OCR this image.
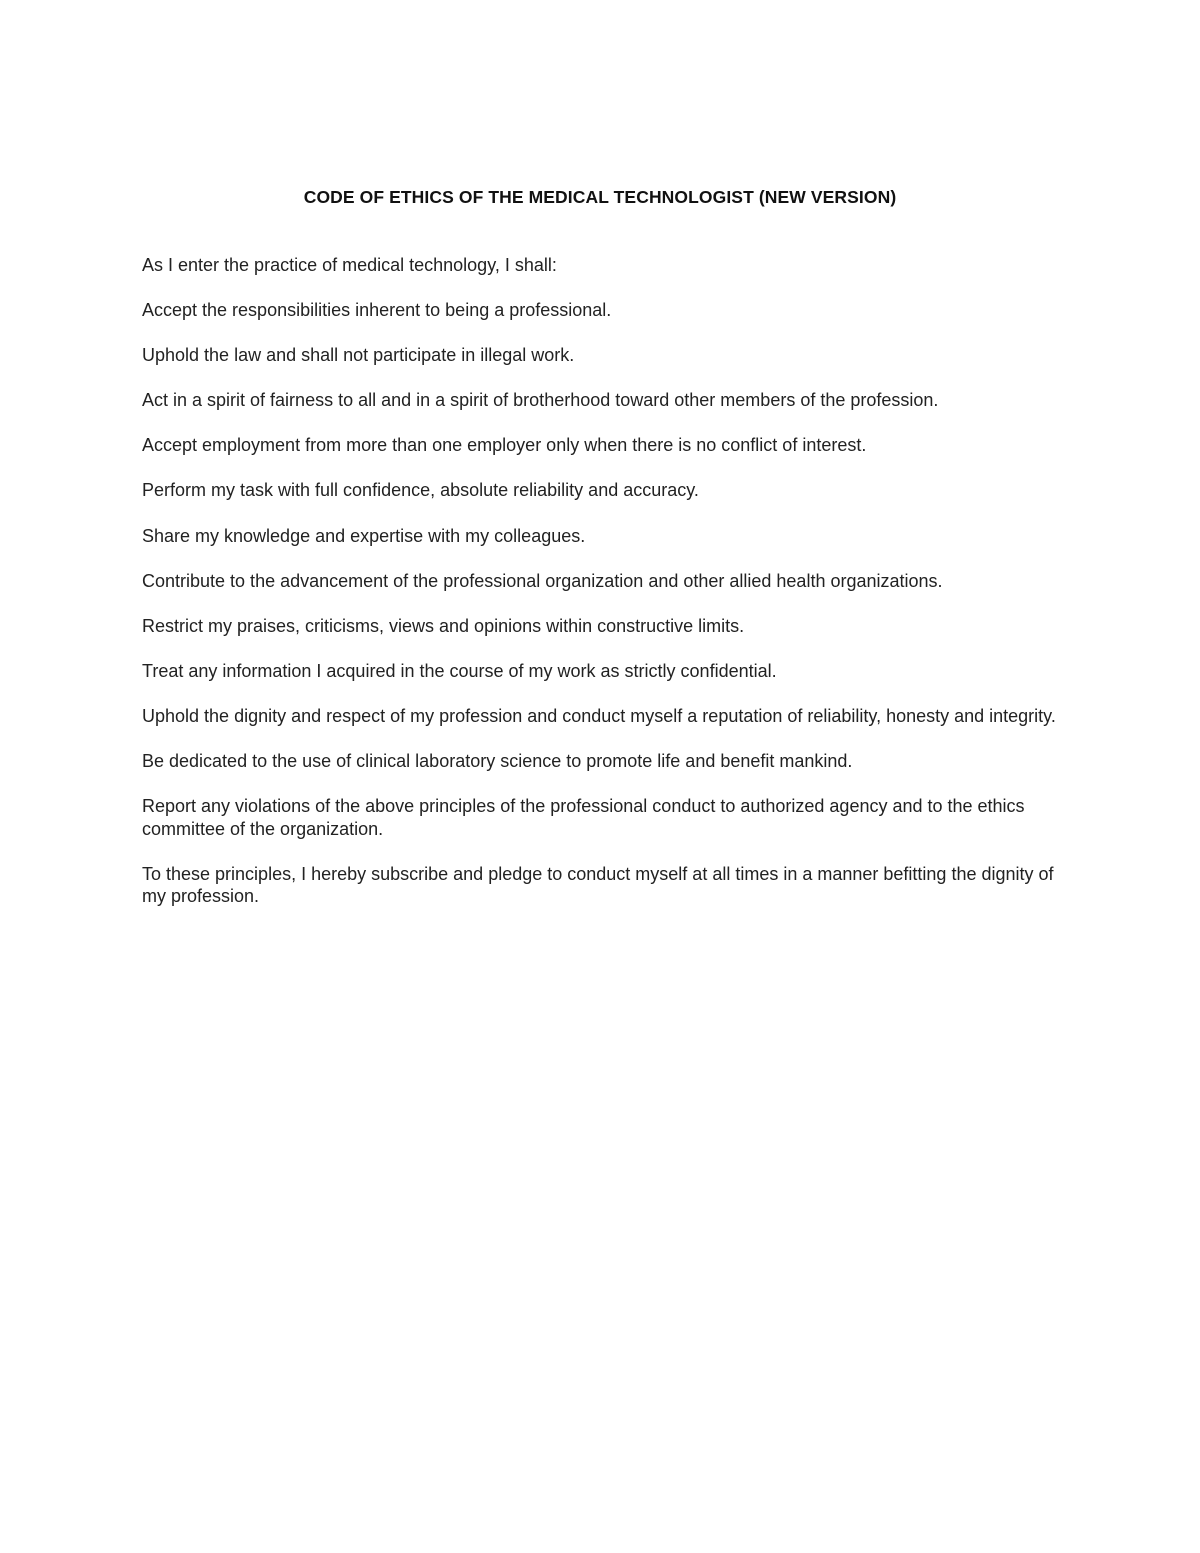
CODE OF ETHICS OF THE MEDICAL TECHNOLOGIST (NEW VERSION)

As I enter the practice of medical technology, I shall:

Accept the responsibilities inherent to being a professional.

Uphold the law and shall not participate in illegal work.

Act in a spirit of fairness to all and in a spirit of brotherhood toward other members of the profession.

Accept employment from more than one employer only when there is no conflict of interest.

Perform my task with full confidence, absolute reliability and accuracy.

Share my knowledge and expertise with my colleagues.

Contribute to the advancement of the professional organization and other allied health organizations.

Restrict my praises, criticisms, views and opinions within constructive limits.

Treat any information I acquired in the course of my work as strictly confidential.

Uphold the dignity and respect of my profession and conduct myself a reputation of reliability, honesty and integrity.

Be dedicated to the use of clinical laboratory science to promote life and benefit mankind.

Report any violations of the above principles of the professional conduct to authorized agency and to the ethics committee of the organization.

To these principles, I hereby subscribe and pledge to conduct myself at all times in a manner befitting the dignity of my profession.
